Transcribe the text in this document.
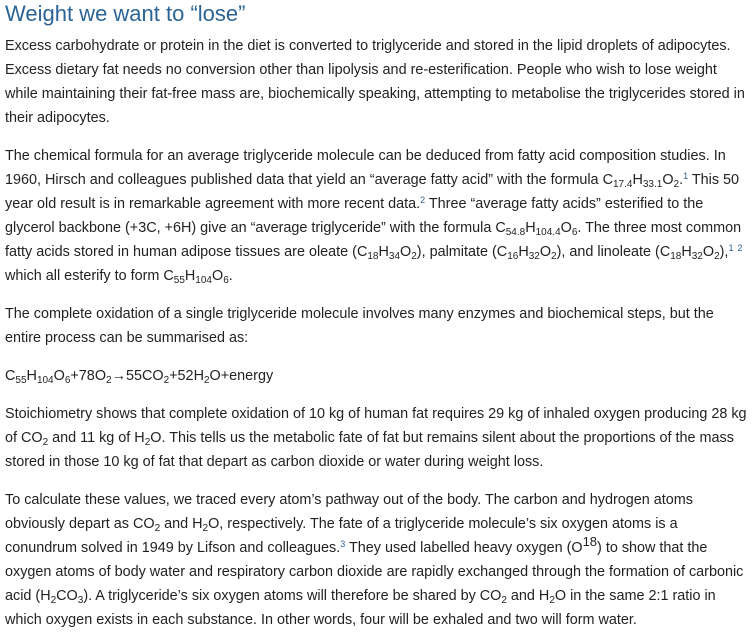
Weight we want to “lose”

Excess carbohydrate or protein in the diet is converted to triglyceride and stored in the lipid droplets of adipocytes. Excess dietary fat needs no conversion other than lipolysis and re-esterification. People who wish to lose weight while maintaining their fat-free mass are, biochemically speaking, attempting to metabolise the triglycerides stored in their adipocytes.

The chemical formula for an average triglyceride molecule can be deduced from fatty acid composition studies. In 1960, Hirsch and colleagues published data that yield an “average fatty acid” with the formula $C_{17.4}H_{33.1}O_2.^1$ This 50 year old result is in remarkable agreement with more recent data.$^2$ Three “average fatty acids” esterified to the glycerol backbone (+3C, +6H) give an “average triglyceride” with the formula $C_{54.8}H_{104.4}O_6$. The three most common fatty acids stored in human adipose tissues are oleate $(C_{18}H_{34}O_2)$, palmitate $(C_{16}H_{32}O_2)$, and linoleate $(C_{18}H_{32}O_2),^1$ $^2$ which all esterify to form $C_{55}H_{104}O_6$.

The complete oxidation of a single triglyceride molecule involves many enzymes and biochemical steps, but the entire process can be summarised as:

$C_{55}H_{104}O_6+78O_2\to 55CO_2+52H_2O+energy$

Stoichiometry shows that complete oxidation of 10 kg of human fat requires 29 kg of inhaled oxygen producing 28 kg of $CO_2$ and 11 kg of $H_2O$. This tells us the metabolic fate of fat but remains silent about the proportions of the mass stored in those 10 kg of fat that depart as carbon dioxide or water during weight loss.

To calculate these values, we traced every atom’s pathway out of the body. The carbon and hydrogen atoms obviously depart as $CO_2$ and $H_2O$, respectively. The fate of a triglyceride molecule’s six oxygen atoms is a conundrum solved in 1949 by Lifson and colleagues.$^3$ They used labelled heavy oxygen (O18) to show that the oxygen atoms of body water and respiratory carbon dioxide are rapidly exchanged through the formation of carbonic acid $(H_2CO_3)$. A triglyceride’s six oxygen atoms will therefore be shared by $CO_2$ and $H_2O$ in the same 2:1 ratio in which oxygen exists in each substance. In other words, four will be exhaled and two will form water.
